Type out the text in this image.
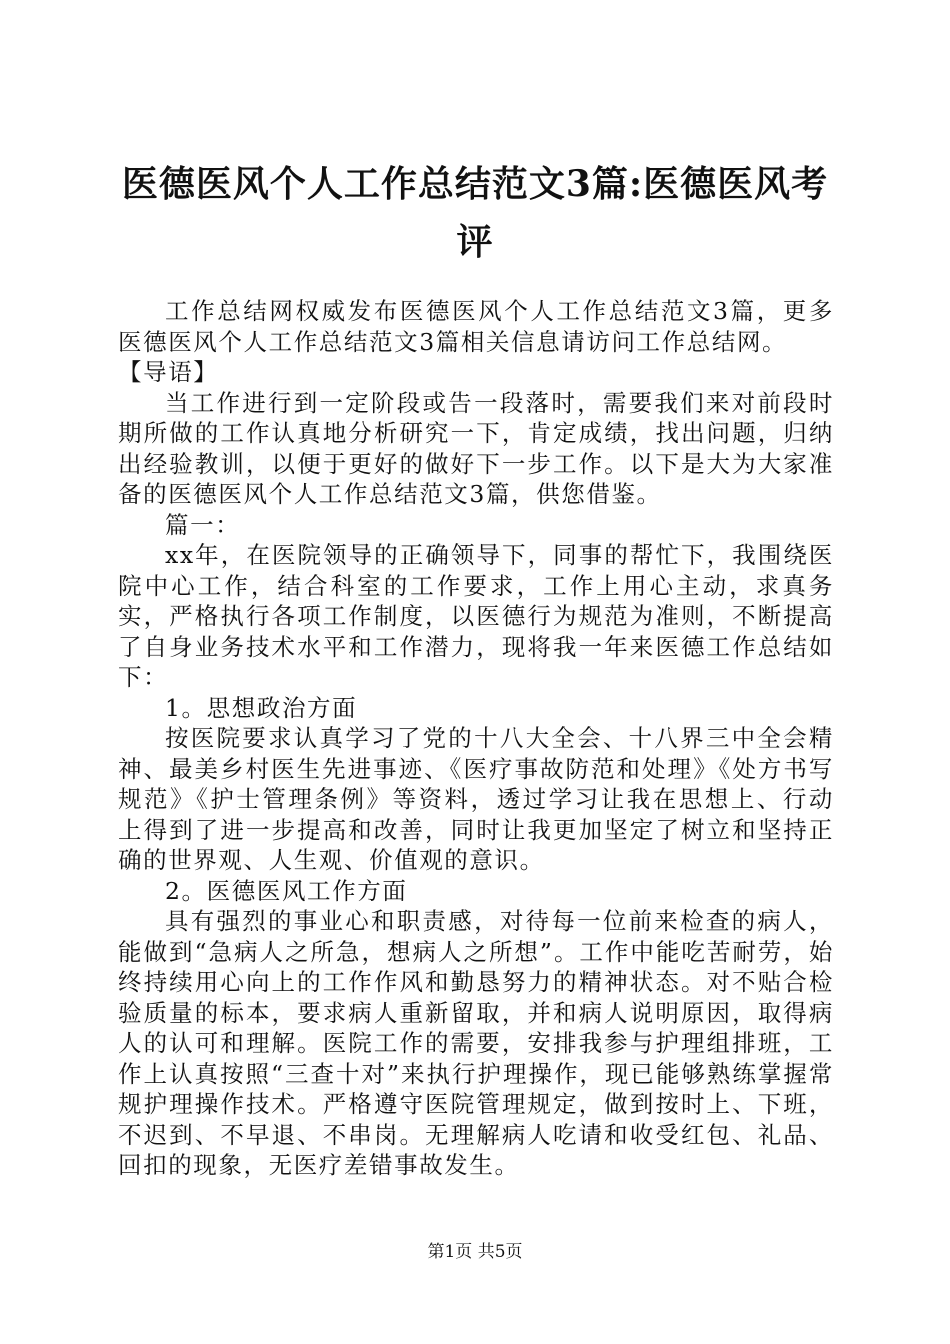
医德医风个人工作总结范文3篇:医德医风考
评

工作总结网权威发布医德医风个人工作总结范文3篇，更多医德医风个人工作总结范文3篇相关信息请访问工作总结网。

【导语】

当工作进行到一定阶段或告一段落时，需要我们来对前段时期所做的工作认真地分析研究一下，肯定成绩，找出问题，归纳出经验教训，以便于更好的做好下一步工作。以下是大为大家准备的医德医风个人工作总结范文3篇，供您借鉴。

篇一：

xx年，在医院领导的正确领导下，同事的帮忙下，我围绕医院中心工作，结合科室的工作要求，工作上用心主动，求真务实，严格执行各项工作制度，以医德行为规范为准则，不断提高了自身业务技术水平和工作潜力，现将我一年来医德工作总结如下：

1。思想政治方面

按医院要求认真学习了党的十八大全会、十八界三中全会精神、最美乡村医生先进事迹、《医疗事故防范和处理》《处方书写规范》《护士管理条例》等资料，透过学习让我在思想上、行动上得到了进一步提高和改善，同时让我更加坚定了树立和坚持正确的世界观、人生观、价值观的意识。

2。医德医风工作方面

具有强烈的事业心和职责感，对待每一位前来检查的病人，能做到“急病人之所急，想病人之所想”。工作中能吃苦耐劳，始终持续用心向上的工作作风和勤恳努力的精神状态。对不贴合检验质量的标本，要求病人重新留取，并和病人说明原因，取得病人的认可和理解。医院工作的需要，安排我参与护理组排班，工作上认真按照“三查十对”来执行护理操作，现已能够熟练掌握常规护理操作技术。严格遵守医院管理规定，做到按时上、下班，不迟到、不早退、不串岗。无理解病人吃请和收受红包、礼品、回扣的现象，无医疗差错事故发生。

第1页 共5页
